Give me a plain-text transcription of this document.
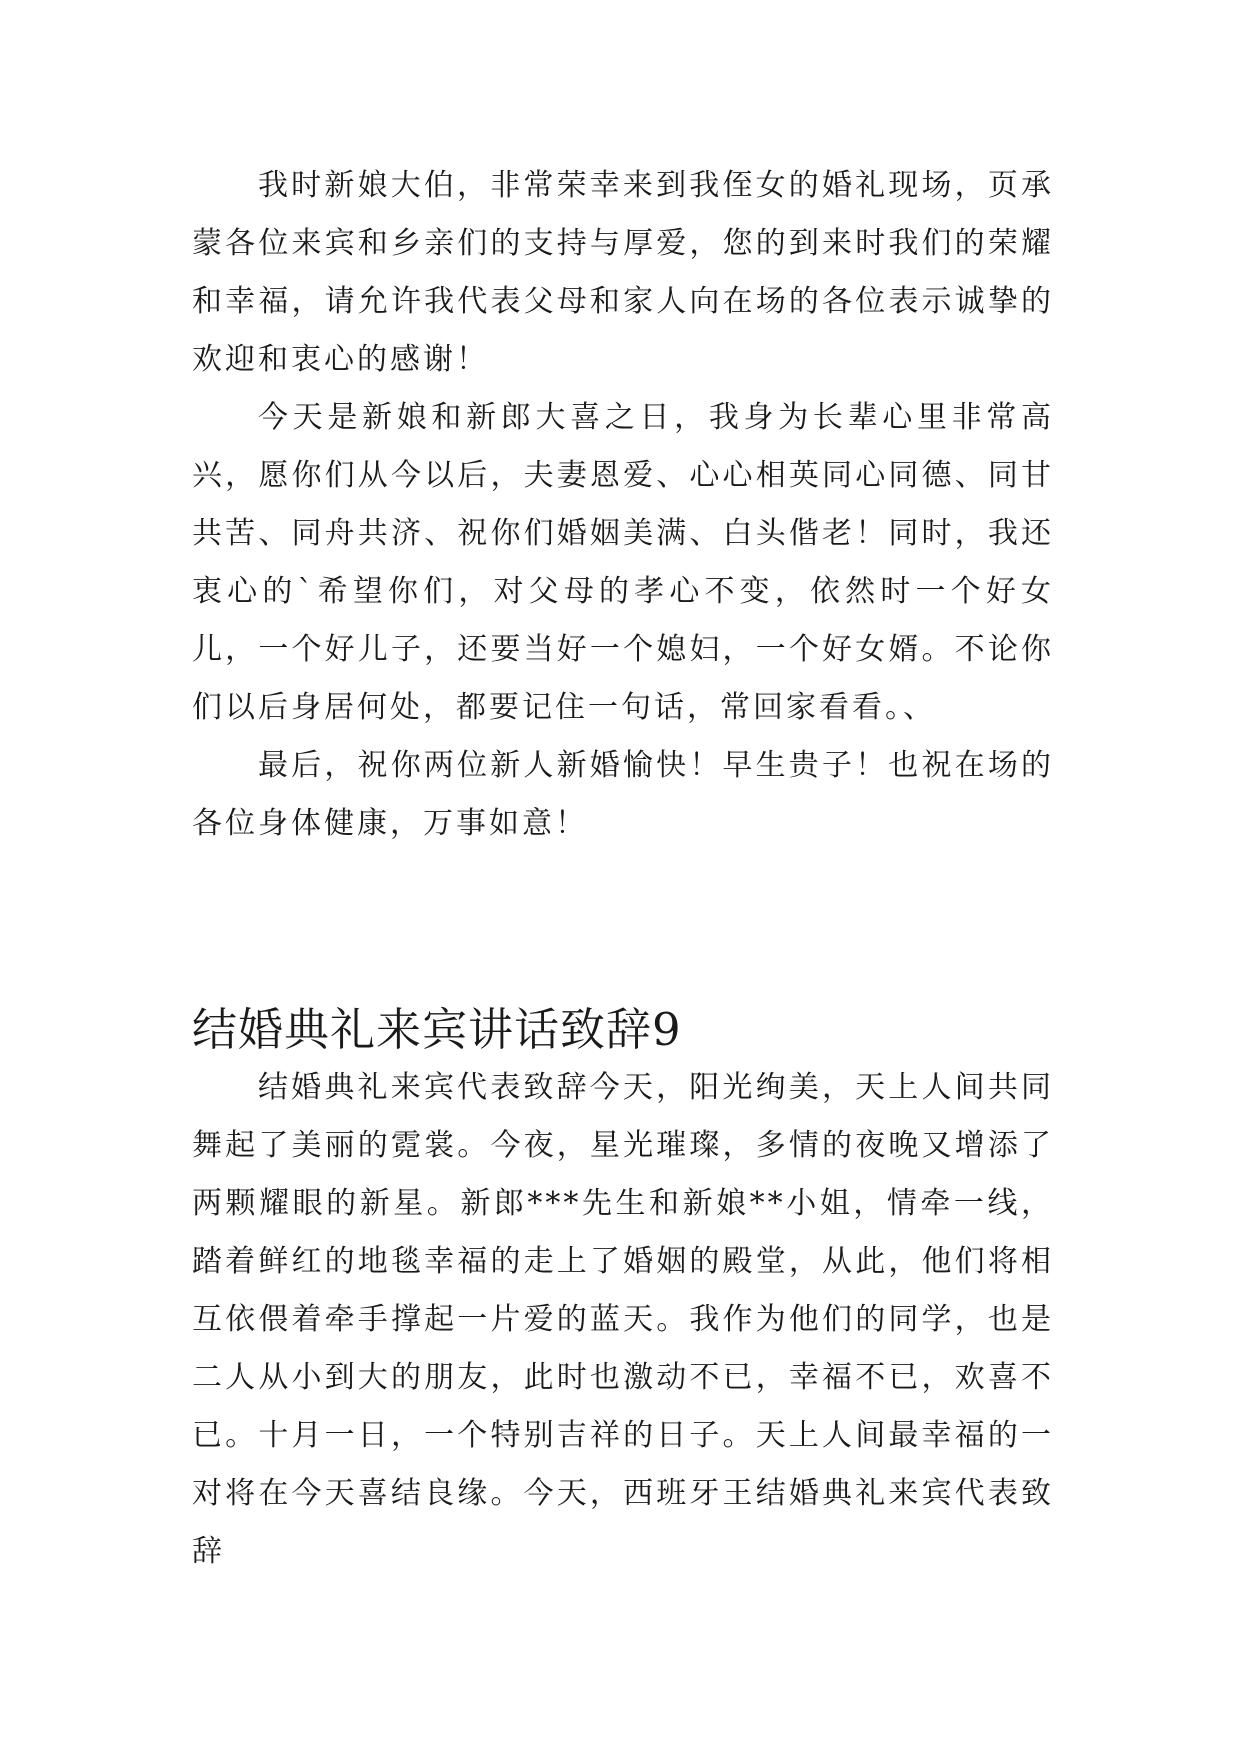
我时新娘大伯，非常荣幸来到我侄女的婚礼现场，页承蒙各位来宾和乡亲们的支持与厚爱，您的到来时我们的荣耀和幸福，请允许我代表父母和家人向在场的各位表示诚挚的欢迎和衷心的感谢！

今天是新娘和新郎大喜之日，我身为长辈心里非常高兴，愿你们从今以后，夫妻恩爱、心心相英同心同德、同甘共苦、同舟共济、祝你们婚姻美满、白头偕老！同时，我还衷心的`希望你们，对父母的孝心不变，依然时一个好女儿，一个好儿子，还要当好一个媳妇，一个好女婿。不论你们以后身居何处，都要记住一句话，常回家看看。、

最后，祝你两位新人新婚愉快！早生贵子！也祝在场的各位身体健康，万事如意！

结婚典礼来宾讲话致辞9

结婚典礼来宾代表致辞今天，阳光绚美，天上人间共同舞起了美丽的霓裳。今夜，星光璀璨，多情的夜晚又增添了两颗耀眼的新星。新郎***先生和新娘**小姐，情牵一线，踏着鲜红的地毯幸福的走上了婚姻的殿堂，从此，他们将相互依偎着牵手撑起一片爱的蓝天。我作为他们的同学，也是二人从小到大的朋友，此时也激动不已，幸福不已，欢喜不已。十月一日，一个特别吉祥的日子。天上人间最幸福的一对将在今天喜结良缘。今天，西班牙王结婚典礼来宾代表致辞
